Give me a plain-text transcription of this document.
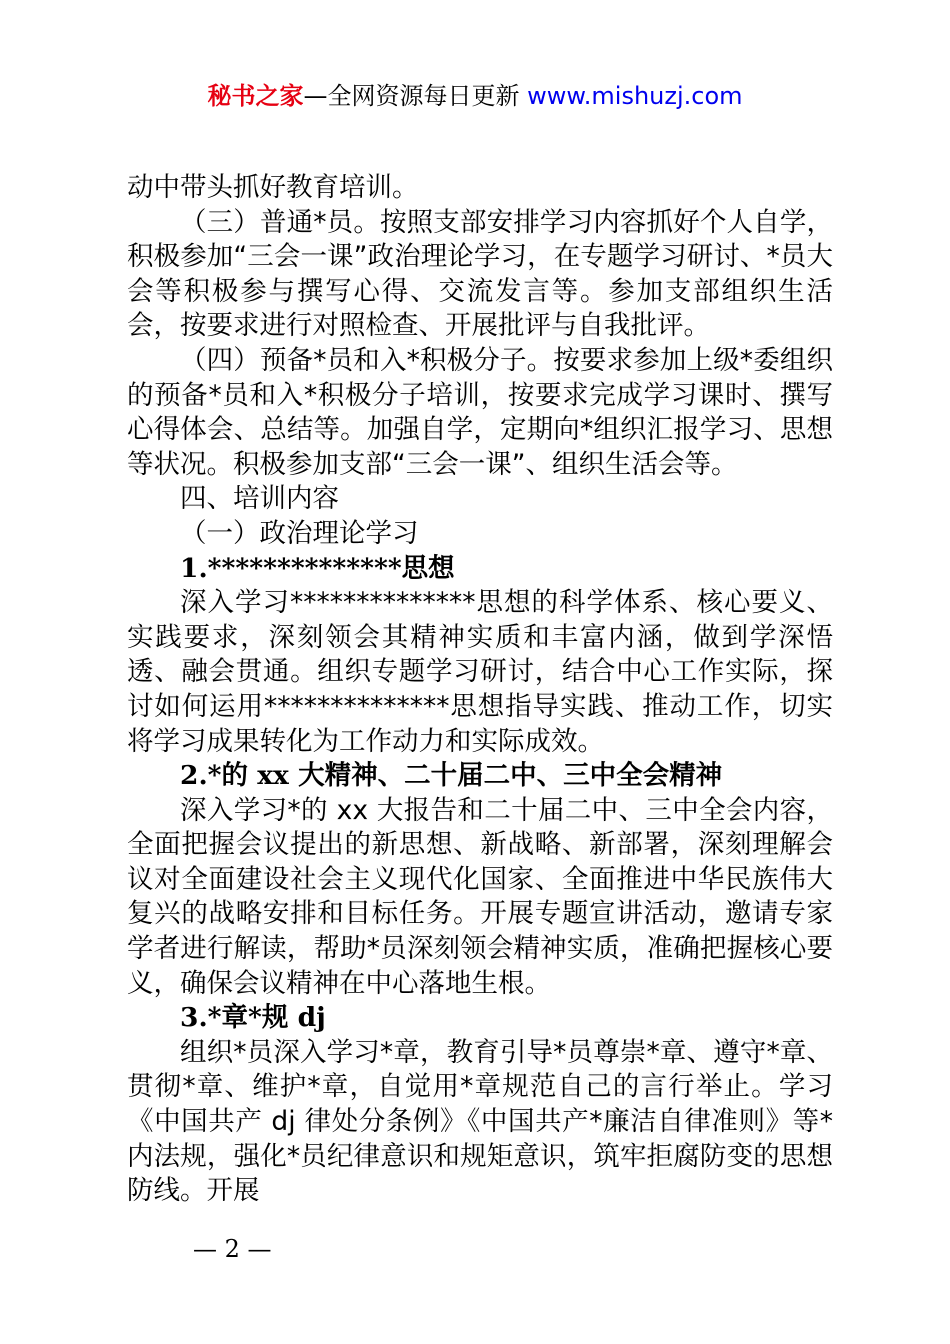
秘书之家—全网资源每日更新 www.mishuzj.com

动中带头抓好教育培训。

（三）普通*员。按照支部安排学习内容抓好个人自学，积极参加“三会一课”政治理论学习，在专题学习研讨、*员大会等积极参与撰写心得、交流发言等。参加支部组织生活会，按要求进行对照检查、开展批评与自我批评。

（四）预备*员和入*积极分子。按要求参加上级*委组织的预备*员和入*积极分子培训，按要求完成学习课时、撰写心得体会、总结等。加强自学，定期向*组织汇报学习、思想等状况。积极参加支部“三会一课”、组织生活会等。

四、培训内容

（一）政治理论学习

1.**************思想

深入学习**************思想的科学体系、核心要义、实践要求，深刻领会其精神实质和丰富内涵，做到学深悟透、融会贯通。组织专题学习研讨，结合中心工作实际，探讨如何运用**************思想指导实践、推动工作，切实将学习成果转化为工作动力和实际成效。

2.*的 xx 大精神、二十届二中、三中全会精神

深入学习*的 xx 大报告和二十届二中、三中全会内容，全面把握会议提出的新思想、新战略、新部署，深刻理解会议对全面建设社会主义现代化国家、全面推进中华民族伟大复兴的战略安排和目标任务。开展专题宣讲活动，邀请专家学者进行解读，帮助*员深刻领会精神实质，准确把握核心要义，确保会议精神在中心落地生根。

3.*章*规 dj

组织*员深入学习*章，教育引导*员尊崇*章、遵守*章、贯彻*章、维护*章，自觉用*章规范自己的言行举止。学习《中国共产 dj 律处分条例》《中国共产*廉洁自律准则》等*内法规，强化*员纪律意识和规矩意识，筑牢拒腐防变的思想防线。开展

— 2 —
